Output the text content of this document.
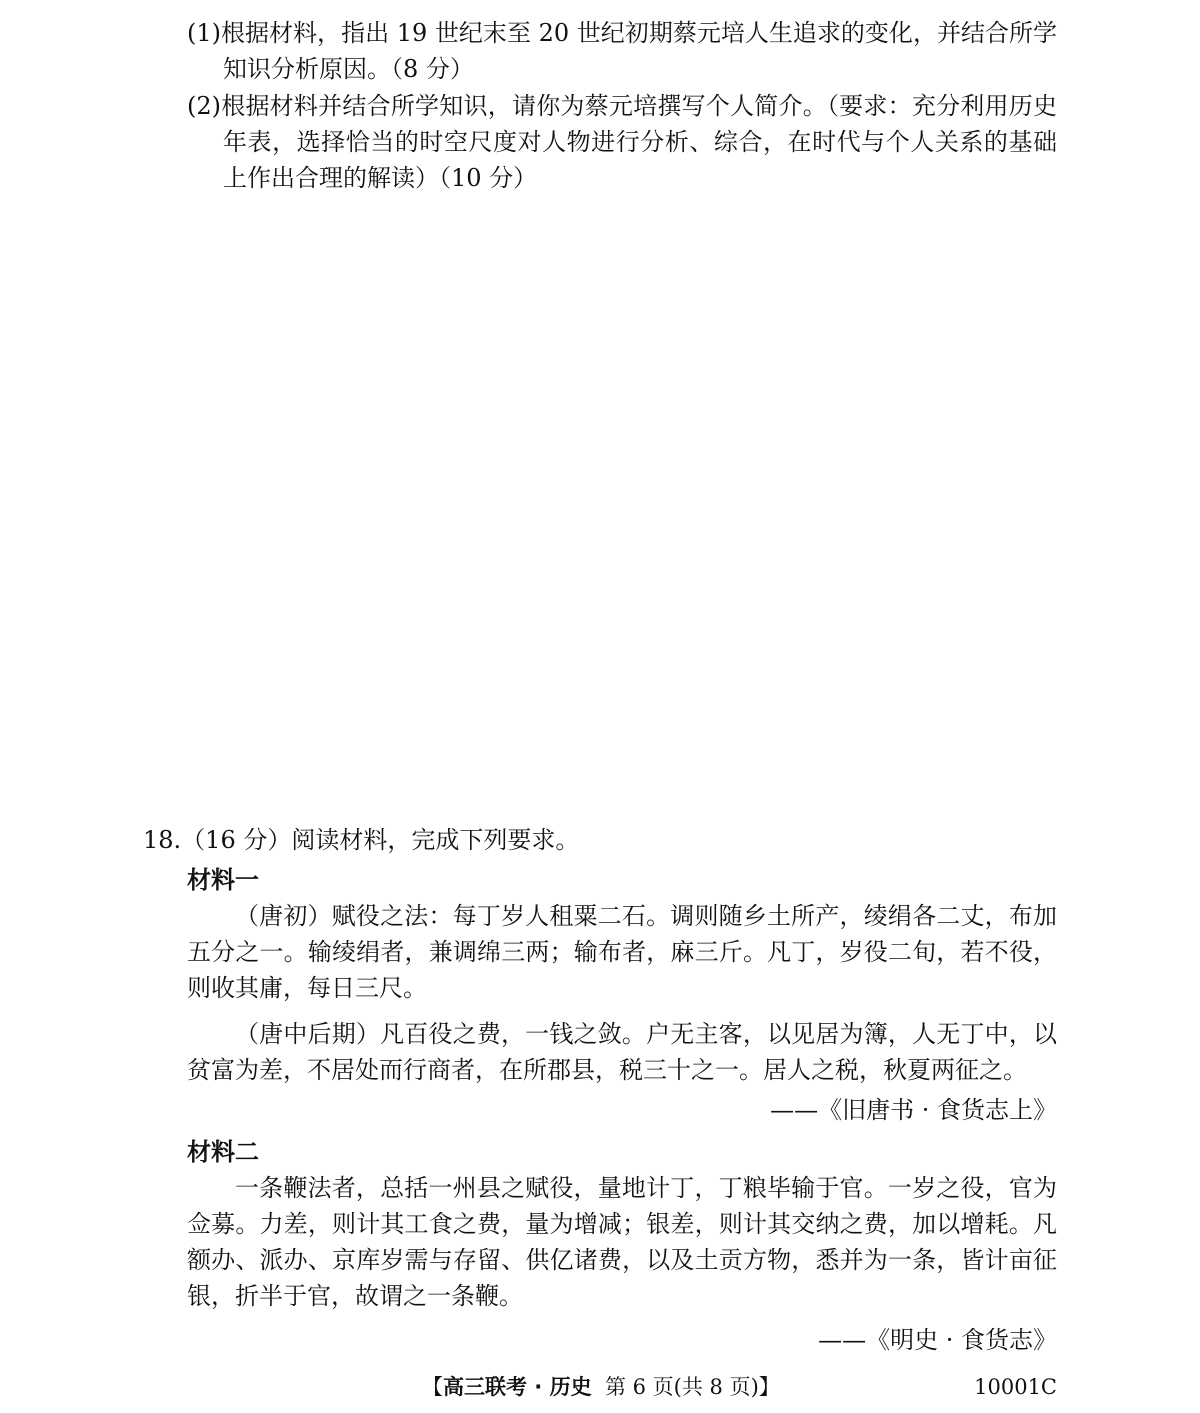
(1)根据材料，指出 19 世纪末至 20 世纪初期蔡元培人生追求的变化，并结合所学知识分析原因。（8 分）

(2)根据材料并结合所学知识，请你为蔡元培撰写个人简介。（要求：充分利用历史年表，选择恰当的时空尺度对人物进行分析、综合，在时代与个人关系的基础上作出合理的解读）（10 分）

18.（16 分）阅读材料，完成下列要求。
材料一

（唐初）赋役之法：每丁岁人租粟二石。调则随乡土所产，绫绢各二丈，布加五分之一。输绫绢者，兼调绵三两；输布者，麻三斤。凡丁，岁役二旬，若不役，则收其庸，每日三尺。

（唐中后期）凡百役之费，一钱之敛。户无主客，以见居为簿，人无丁中，以贫富为差，不居处而行商者，在所郡县，税三十之一。居人之税，秋夏两征之。

——《旧唐书 · 食货志上》
材料二

一条鞭法者，总括一州县之赋役，量地计丁，丁粮毕输于官。一岁之役，官为佥募。力差，则计其工食之费，量为增减；银差，则计其交纳之费，加以增耗。凡额办、派办、京库岁需与存留、供亿诸费，以及土贡方物，悉并为一条，皆计亩征银，折半于官，故谓之一条鞭。

——《明史 · 食货志》
【高三联考 · 历史 第 6 页(共 8 页)】	10001C
